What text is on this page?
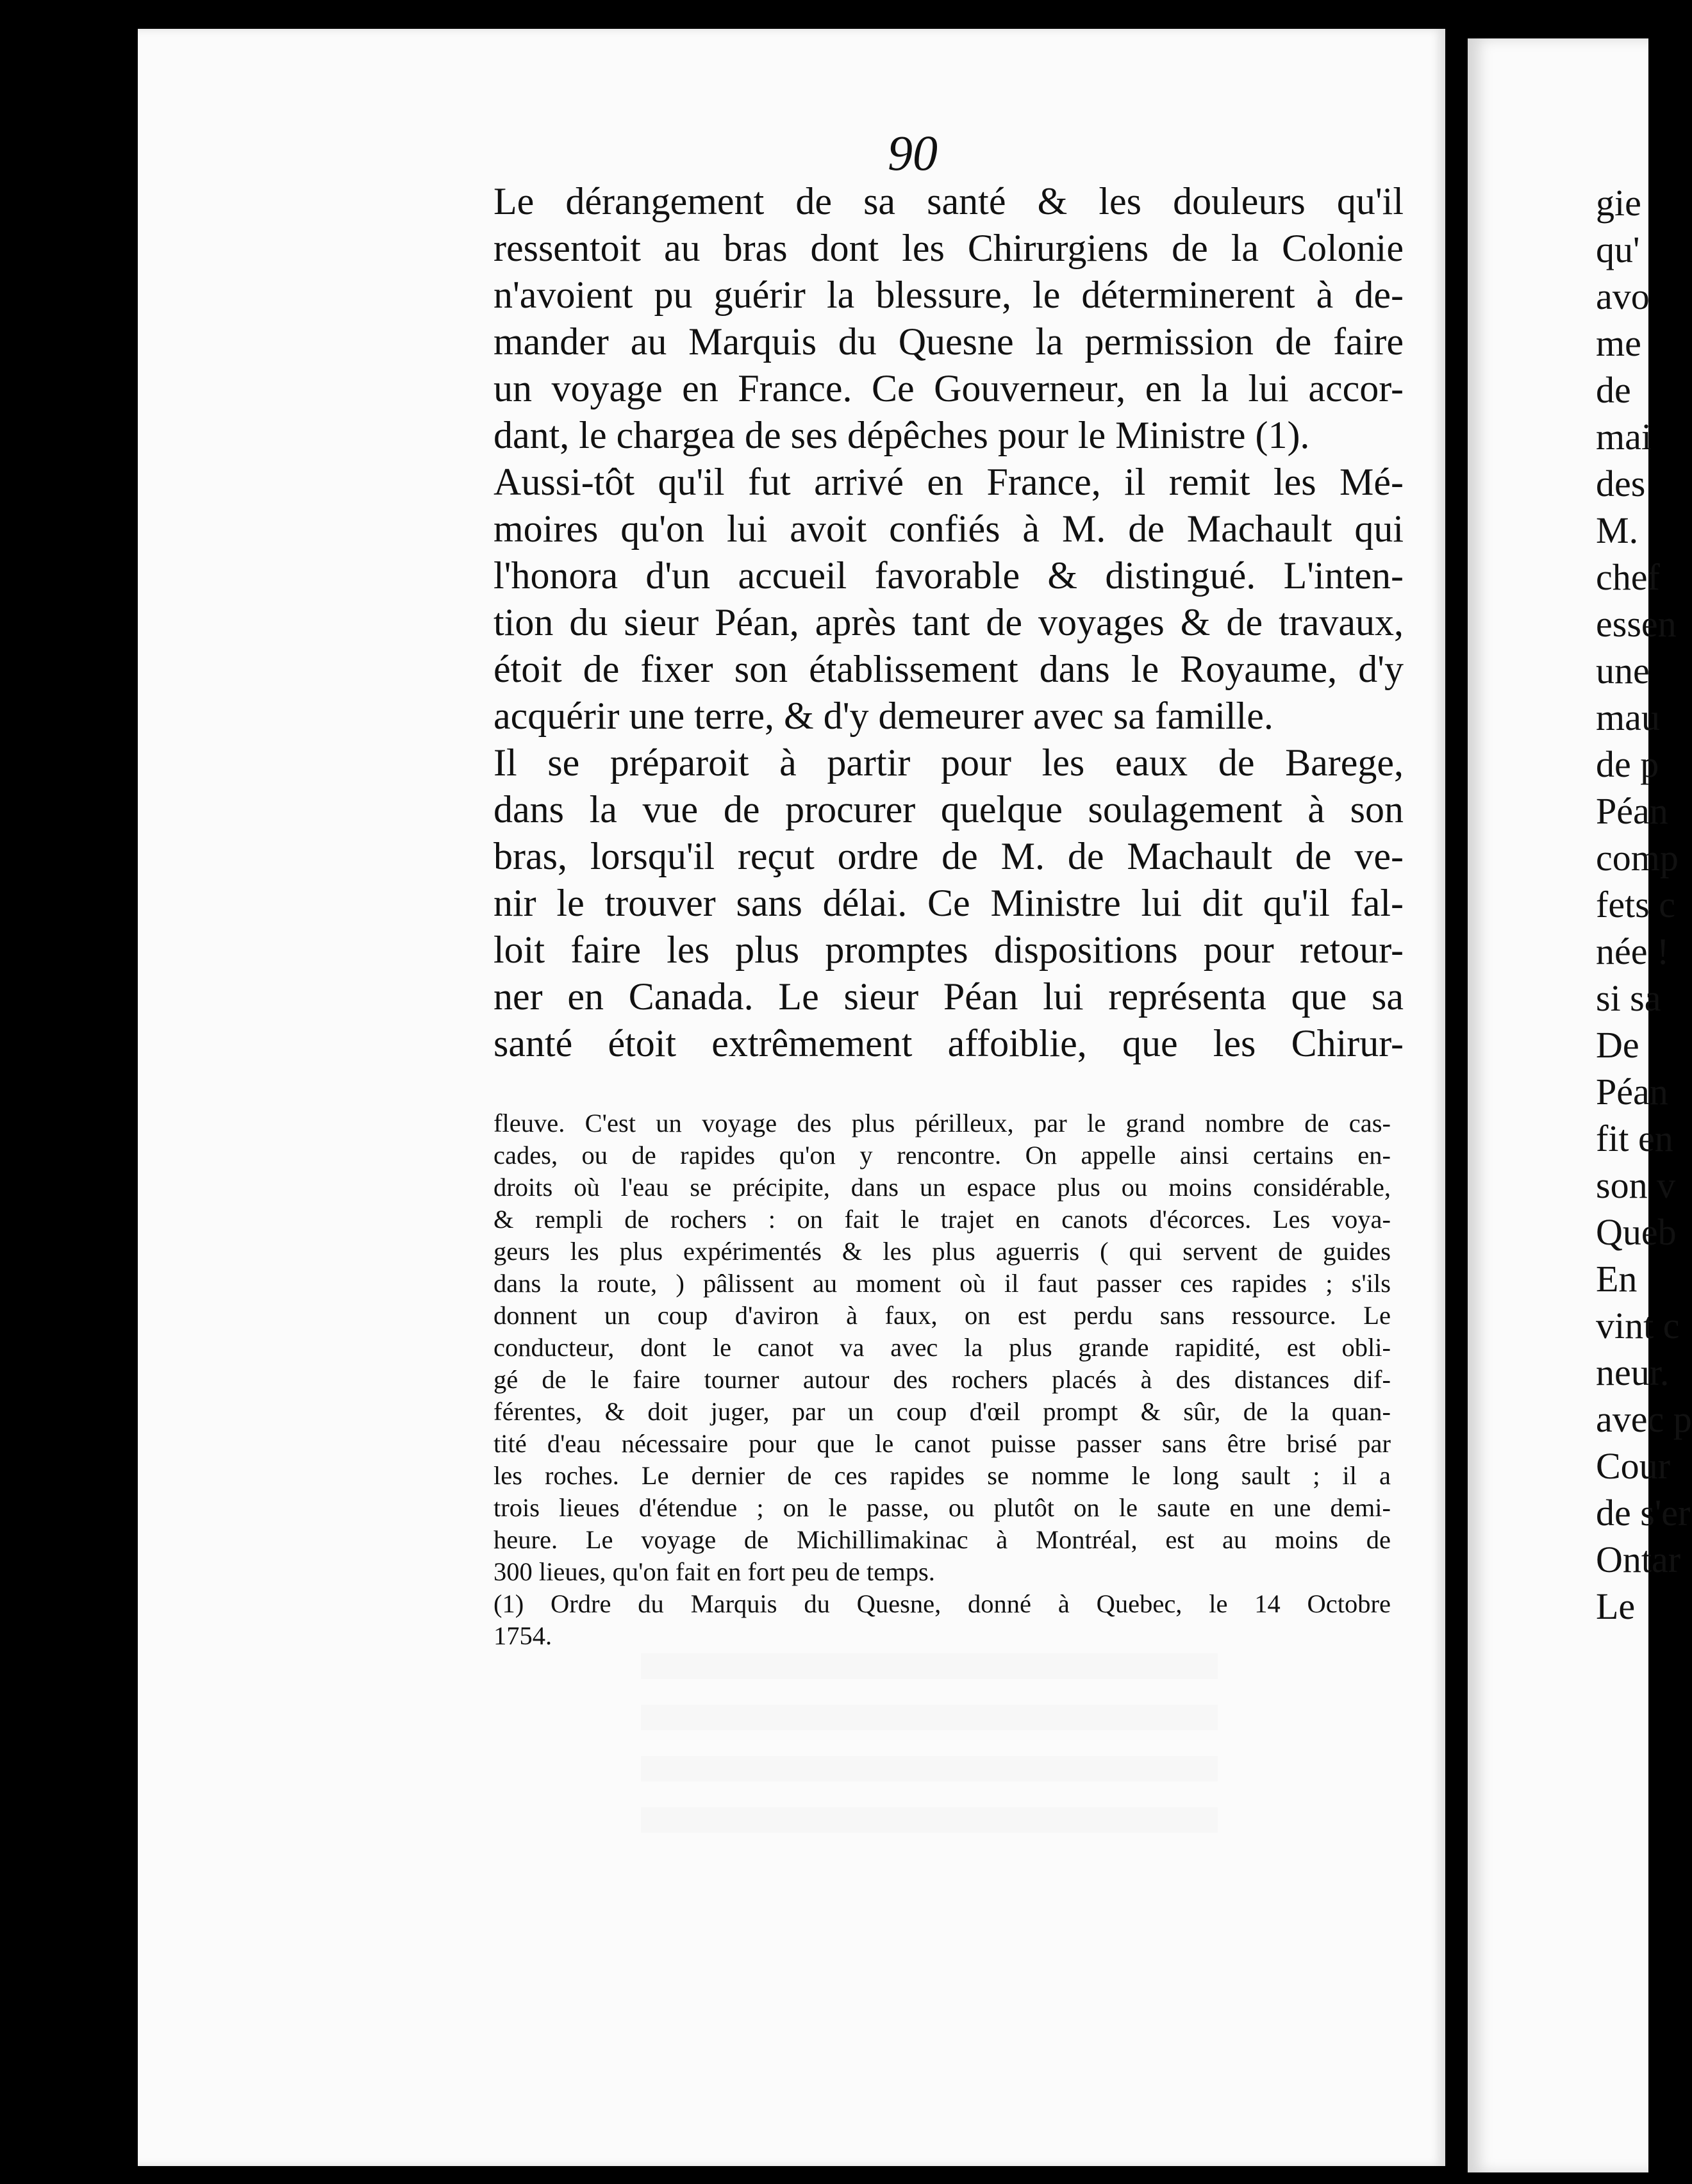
90
Le dérangement de sa santé & les douleurs qu'il
ressentoit au bras dont les Chirurgiens de la Colonie
n'avoient pu guérir la blessure, le déterminerent à de-
mander au Marquis du Quesne la permission de faire
un voyage en France. Ce Gouverneur, en la lui accor-
dant, le chargea de ses dépêches pour le Ministre (1).
Aussi-tôt qu'il fut arrivé en France, il remit les Mé-
moires qu'on lui avoit confiés à M. de Machault qui
l'honora d'un accueil favorable & distingué. L'inten-
tion du sieur Péan, après tant de voyages & de travaux,
étoit de fixer son établissement dans le Royaume, d'y
acquérir une terre, & d'y demeurer avec sa famille.
Il se préparoit à partir pour les eaux de Barege,
dans la vue de procurer quelque soulagement à son
bras, lorsqu'il reçut ordre de M. de Machault de ve-
nir le trouver sans délai. Ce Ministre lui dit qu'il fal-
loit faire les plus promptes dispositions pour retour-
ner en Canada. Le sieur Péan lui représenta que sa
santé étoit extrêmement affoiblie, que les Chirur-
fleuve. C'est un voyage des plus périlleux, par le grand nombre de cas-
cades, ou de rapides qu'on y rencontre. On appelle ainsi certains en-
droits où l'eau se précipite, dans un espace plus ou moins considérable,
& rempli de rochers : on fait le trajet en canots d'écorces. Les voya-
geurs les plus expérimentés & les plus aguerris ( qui servent de guides
dans la route, ) pâlissent au moment où il faut passer ces rapides ; s'ils
donnent un coup d'aviron à faux, on est perdu sans ressource. Le
conducteur, dont le canot va avec la plus grande rapidité, est obli-
gé de le faire tourner autour des rochers placés à des distances dif-
férentes, & doit juger, par un coup d'œil prompt & sûr, de la quan-
tité d'eau nécessaire pour que le canot puisse passer sans être brisé par
les roches. Le dernier de ces rapides se nomme le long sault ; il a
trois lieues d'étendue ; on le passe, ou plutôt on le saute en une demi-
heure. Le voyage de Michillimakinac à Montréal, est au moins de
300 lieues, qu'on fait en fort peu de temps.
(1) Ordre du Marquis du Quesne, donné à Quebec, le 14 Octobre
1754.
gie
qu'
avo
me
de
mai
des
M.
chef
essen
une
mau
de p
Péan
comp
fets c
née !
si sa
De
Péan
fit en
son v
Queb
En
vint c
neur.
avec p
Cour
de s'er
Ontar
Le
